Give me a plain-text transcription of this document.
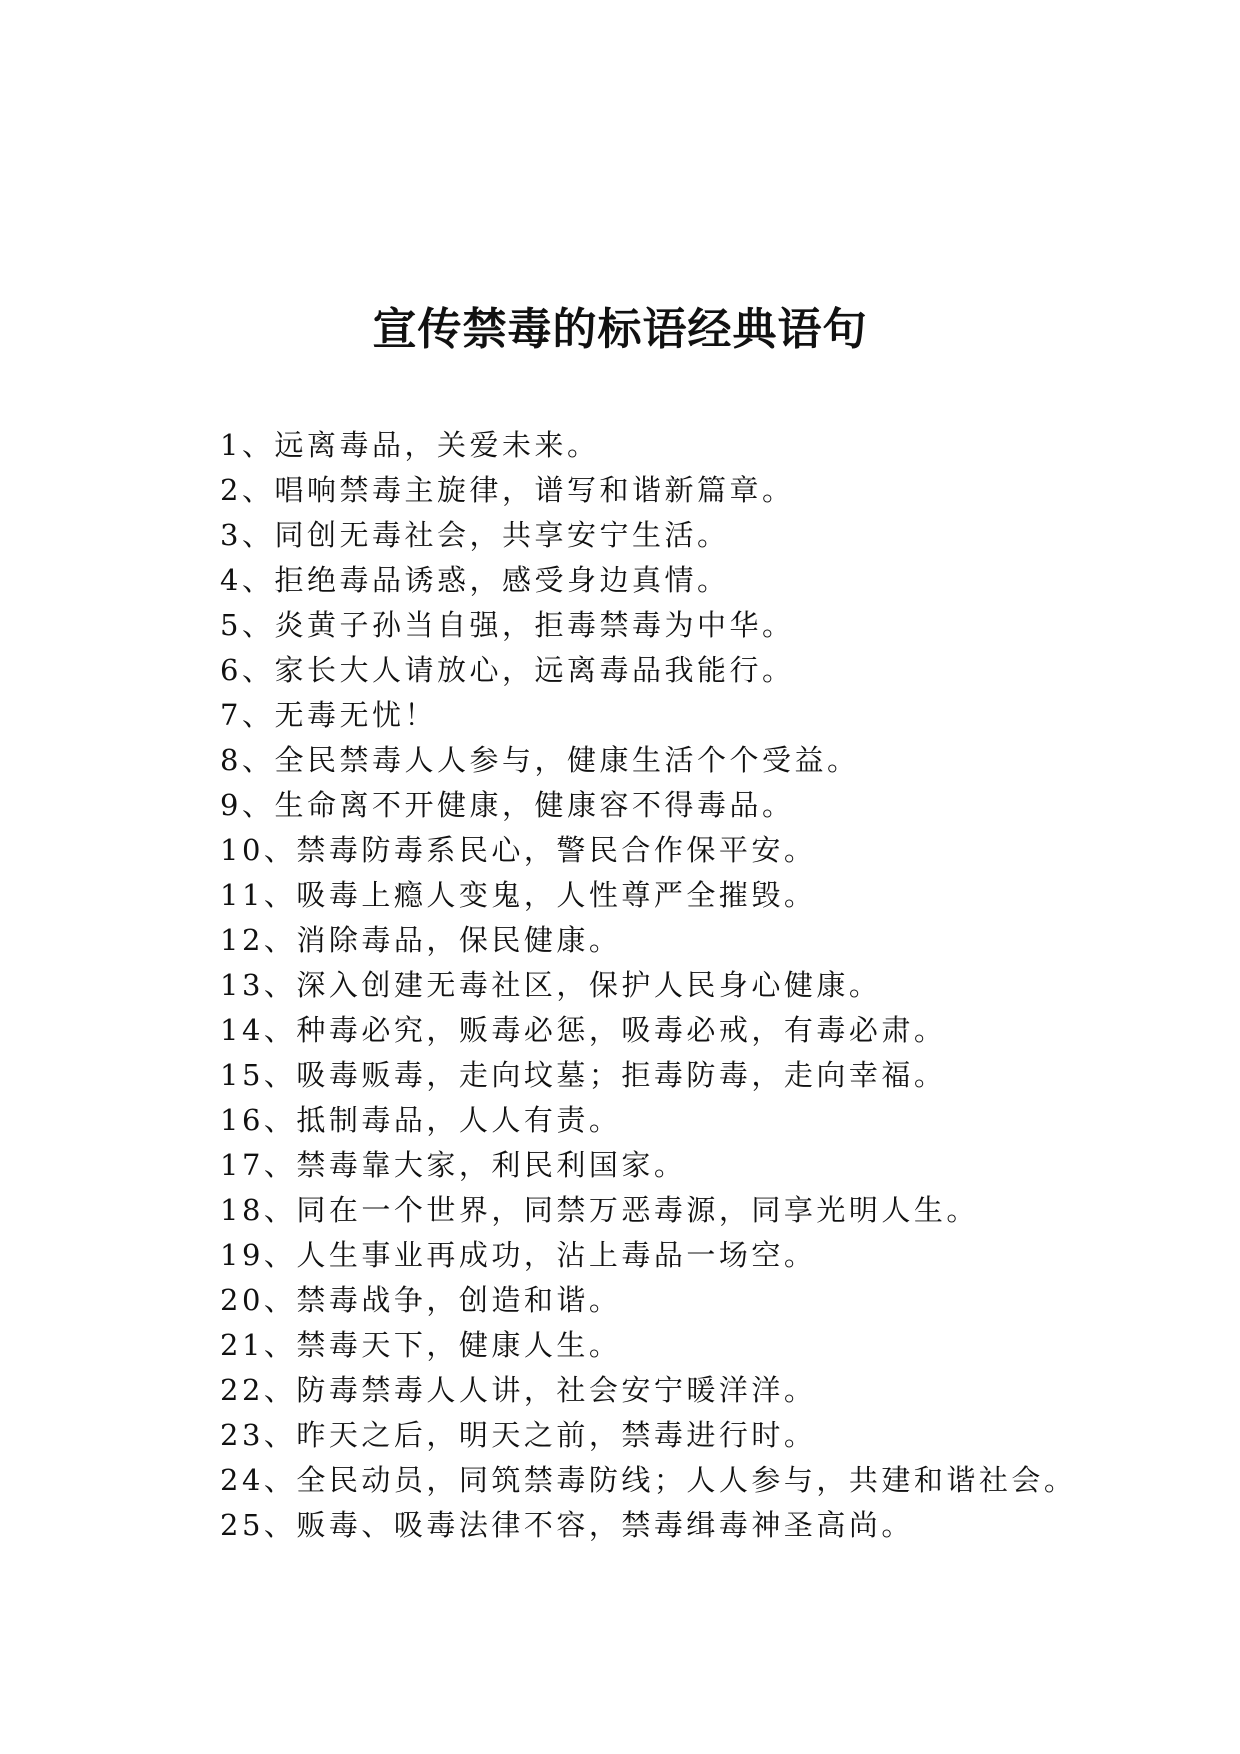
宣传禁毒的标语经典语句
1、远离毒品，关爱未来。
2、唱响禁毒主旋律，谱写和谐新篇章。
3、同创无毒社会，共享安宁生活。
4、拒绝毒品诱惑，感受身边真情。
5、炎黄子孙当自强，拒毒禁毒为中华。
6、家长大人请放心，远离毒品我能行。
7、无毒无忧！
8、全民禁毒人人参与，健康生活个个受益。
9、生命离不开健康，健康容不得毒品。
10、禁毒防毒系民心，警民合作保平安。
11、吸毒上瘾人变鬼，人性尊严全摧毁。
12、消除毒品，保民健康。
13、深入创建无毒社区，保护人民身心健康。
14、种毒必究，贩毒必惩，吸毒必戒，有毒必肃。
15、吸毒贩毒，走向坟墓；拒毒防毒，走向幸福。
16、抵制毒品，人人有责。
17、禁毒靠大家，利民利国家。
18、同在一个世界，同禁万恶毒源，同享光明人生。
19、人生事业再成功，沾上毒品一场空。
20、禁毒战争，创造和谐。
21、禁毒天下，健康人生。
22、防毒禁毒人人讲，社会安宁暖洋洋。
23、昨天之后，明天之前，禁毒进行时。
24、全民动员，同筑禁毒防线；人人参与，共建和谐社会。
25、贩毒、吸毒法律不容，禁毒缉毒神圣高尚。
